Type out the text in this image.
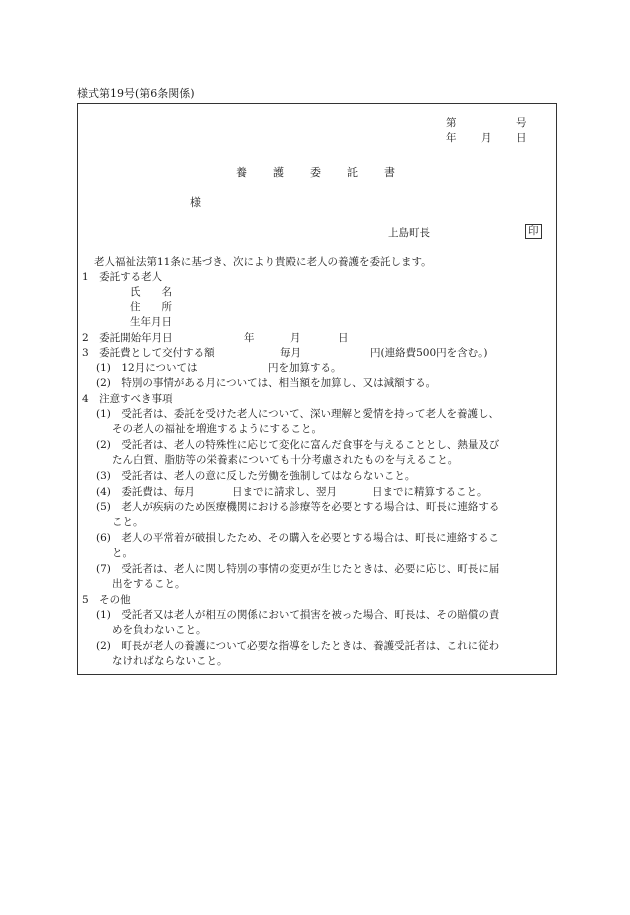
様式第19号(第6条関係)
第	号
年 月 日
養 護 委 託 書
様
上島町長	印
老人福祉法第11条に基づき、次により貴殿に老人の養護を委託します。
1　委託する老人
氏　　名
住　　所
生年月日
2　委託開始年月日	年	月	日
3　委託費として交付する額	毎月	円(連絡費500円を含む。)
(1)　12月については	円を加算する。
(2)　特別の事情がある月については、相当額を加算し、又は減額する。
4　注意すべき事項
(1)　受託者は、委託を受けた老人について、深い理解と愛情を持って老人を養護し、
その老人の福祉を増進するようにすること。
(2)　受託者は、老人の特殊性に応じて変化に富んだ食事を与えることとし、熱量及び
たん白質、脂肪等の栄養素についても十分考慮されたものを与えること。
(3)　受託者は、老人の意に反した労働を強制してはならないこと。
(4)　委託費は、毎月	日までに請求し、翌月	日までに精算すること。
(5)　老人が疾病のため医療機関における診療等を必要とする場合は、町長に連絡する
こと。
(6)　老人の平常着が破損したため、その購入を必要とする場合は、町長に連絡するこ
と。
(7)　受託者は、老人に関し特別の事情の変更が生じたときは、必要に応じ、町長に届
出をすること。
5　その他
(1)　受託者又は老人が相互の関係において損害を被った場合、町長は、その賠償の責
めを負わないこと。
(2)　町長が老人の養護について必要な指導をしたときは、養護受託者は、これに従わ
なければならないこと。
